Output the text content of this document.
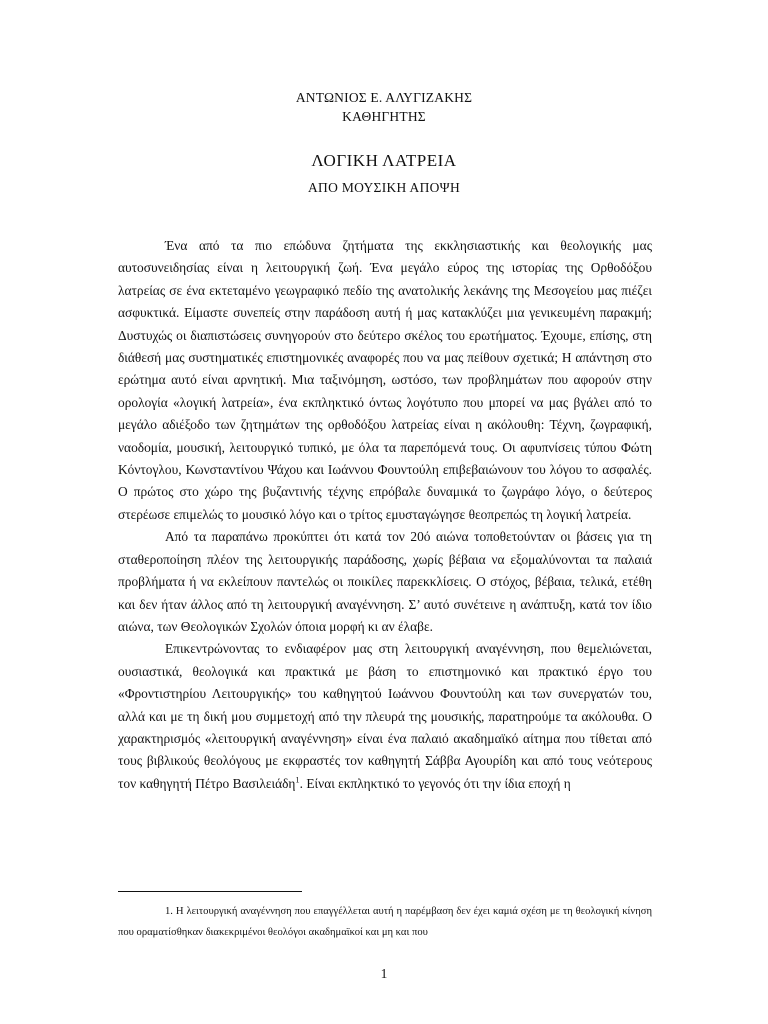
ΑΝΤΩΝΙΟΣ Ε. ΑΛΥΓΙΖΑΚΗΣ
ΚΑΘΗΓΗΤΗΣ
ΛΟΓΙΚΗ ΛΑΤΡΕΙΑ
ΑΠΟ ΜΟΥΣΙΚΗ ΑΠΟΨΗ

Ένα από τα πιο επώδυνα ζητήματα της εκκλησιαστικής και θεολογικής μας αυτοσυνειδησίας είναι η λειτουργική ζωή. Ένα μεγάλο εύρος της ιστορίας της Ορθοδόξου λατρείας σε ένα εκτεταμένο γεωγραφικό πεδίο της ανατολικής λεκάνης της Μεσογείου μας πιέζει ασφυκτικά. Είμαστε συνεπείς στην παράδοση αυτή ή μας κατακλύζει μια γενικευμένη παρακμή; Δυστυχώς οι διαπιστώσεις συνηγορούν στο δεύτερο σκέλος του ερωτήματος. Έχουμε, επίσης, στη διάθεσή μας συστηματικές επιστημονικές αναφορές που να μας πείθουν σχετικά; Η απάντηση στο ερώτημα αυτό είναι αρνητική. Μια ταξινόμηση, ωστόσο, των προβλημάτων που αφορούν στην ορολογία «λογική λατρεία», ένα εκπληκτικό όντως λογότυπο που μπορεί να μας βγάλει από το μεγάλο αδιέξοδο των ζητημάτων της ορθοδόξου λατρείας είναι η ακόλουθη: Τέχνη, ζωγραφική, ναοδομία, μουσική, λειτουργικό τυπικό, με όλα τα παρεπόμενά τους. Οι αφυπνίσεις τύπου Φώτη Κόντογλου, Κωνσταντίνου Ψάχου και Ιωάννου Φουντούλη επιβεβαιώνουν του λόγου το ασφαλές. Ο πρώτος στο χώρο της βυζαντινής τέχνης επρόβαλε δυναμικά το ζωγράφο λόγο, ο δεύτερος στερέωσε επιμελώς το μουσικό λόγο και ο τρίτος εμυσταγώγησε θεοπρεπώς τη λογική λατρεία.

Από τα παραπάνω προκύπτει ότι κατά τον 20ό αιώνα τοποθετούνταν οι βάσεις για τη σταθεροποίηση πλέον της λειτουργικής παράδοσης, χωρίς βέβαια να εξομαλύνονται τα παλαιά προβλήματα ή να εκλείπουν παντελώς οι ποικίλες παρεκκλίσεις. Ο στόχος, βέβαια, τελικά, ετέθη και δεν ήταν άλλος από τη λειτουργική αναγέννηση. Σ’ αυτό συνέτεινε η ανάπτυξη, κατά τον ίδιο αιώνα, των Θεολογικών Σχολών όποια μορφή κι αν έλαβε.

Επικεντρώνοντας το ενδιαφέρον μας στη λειτουργική αναγέννηση, που θεμελιώνεται, ουσιαστικά, θεολογικά και πρακτικά με βάση το επιστημονικό και πρακτικό έργο του «Φροντιστηρίου Λειτουργικής» του καθηγητού Ιωάννου Φουντούλη και των συνεργατών του, αλλά και με τη δική μου συμμετοχή από την πλευρά της μουσικής, παρατηρούμε τα ακόλουθα. Ο χαρακτηρισμός «λειτουργική αναγέννηση» είναι ένα παλαιό ακαδημαϊκό αίτημα που τίθεται από τους βιβλικούς θεολόγους με εκφραστές τον καθηγητή Σάββα Αγουρίδη και από τους νεότερους τον καθηγητή Πέτρο Βασιλειάδη$^1$. Είναι εκπληκτικό το γεγονός ότι την ίδια εποχή η

1. Η λειτουργική αναγέννηση που επαγγέλλεται αυτή η παρέμβαση δεν έχει καμιά σχέση με τη θεολογική κίνηση που οραματίσθηκαν διακεκριμένοι θεολόγοι ακαδημαϊκοί και μη και που
1
